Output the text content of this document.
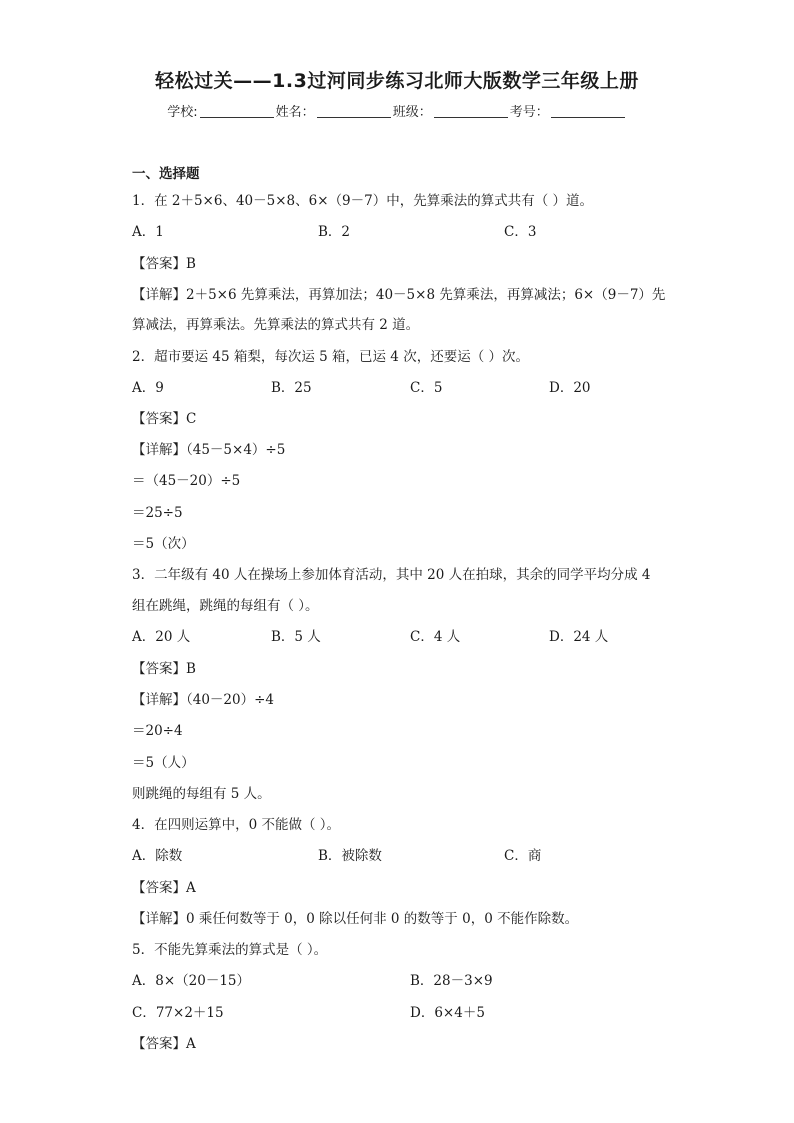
轻松过关——1.3过河同步练习北师大版数学三年级上册
学校:	姓名：	班级：	考号：
一、选择题
1．在 2＋5×6、40－5×8、6×（9－7）中，先算乘法的算式共有（ ）道。
A．1	B．2	C．3
【答案】B
【详解】2＋5×6 先算乘法，再算加法；40－5×8 先算乘法，再算减法；6×（9－7）先
算减法，再算乘法。先算乘法的算式共有 2 道。
2．超市要运 45 箱梨，每次运 5 箱，已运 4 次，还要运（ ）次。
A．9	B．25	C．5	D．20
【答案】C
【详解】（45－5×4）÷5
＝（45－20）÷5
＝25÷5
＝5（次）
3．二年级有 40 人在操场上参加体育活动，其中 20 人在拍球，其余的同学平均分成 4
组在跳绳，跳绳的每组有（ ）。
A．20 人	B．5 人	C．4 人	D．24 人
【答案】B
【详解】（40－20）÷4
＝20÷4
＝5（人）
则跳绳的每组有 5 人。
4．在四则运算中，0 不能做（ ）。
A．除数	B．被除数	C．商
【答案】A
【详解】0 乘任何数等于 0，0 除以任何非 0 的数等于 0，0 不能作除数。
5．不能先算乘法的算式是（ ）。
A．8×（20－15）	B．28－3×9
C．77×2＋15	D．6×4＋5
【答案】A
